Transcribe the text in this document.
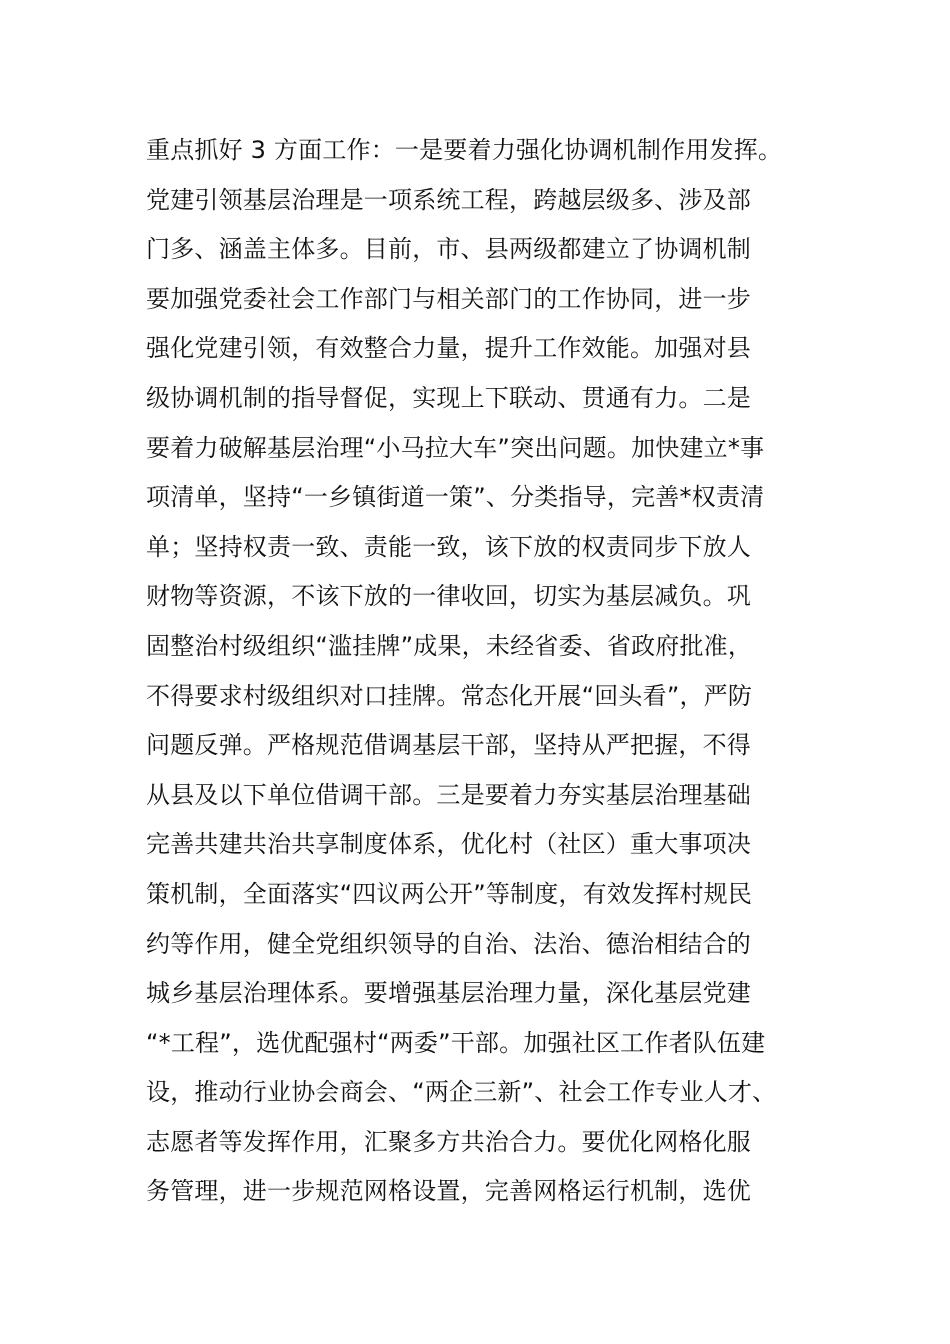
重点抓好 3 方面工作：一是要着力强化协调机制作用发挥。
党建引领基层治理是一项系统工程，跨越层级多、涉及部
门多、涵盖主体多。目前，市、县两级都建立了协调机制
要加强党委社会工作部门与相关部门的工作协同，进一步
强化党建引领，有效整合力量，提升工作效能。加强对县
级协调机制的指导督促，实现上下联动、贯通有力。二是
要着力破解基层治理“小马拉大车”突出问题。加快建立*事
项清单，坚持“一乡镇街道一策”、分类指导，完善*权责清
单；坚持权责一致、责能一致，该下放的权责同步下放人
财物等资源，不该下放的一律收回，切实为基层减负。巩
固整治村级组织“滥挂牌”成果，未经省委、省政府批准，
不得要求村级组织对口挂牌。常态化开展“回头看”，严防
问题反弹。严格规范借调基层干部，坚持从严把握，不得
从县及以下单位借调干部。三是要着力夯实基层治理基础
完善共建共治共享制度体系，优化村（社区）重大事项决
策机制，全面落实“四议两公开”等制度，有效发挥村规民
约等作用，健全党组织领导的自治、法治、德治相结合的
城乡基层治理体系。要增强基层治理力量，深化基层党建
“*工程”，选优配强村“两委”干部。加强社区工作者队伍建
设，推动行业协会商会、“两企三新”、社会工作专业人才、
志愿者等发挥作用，汇聚多方共治合力。要优化网格化服
务管理，进一步规范网格设置，完善网格运行机制，选优
